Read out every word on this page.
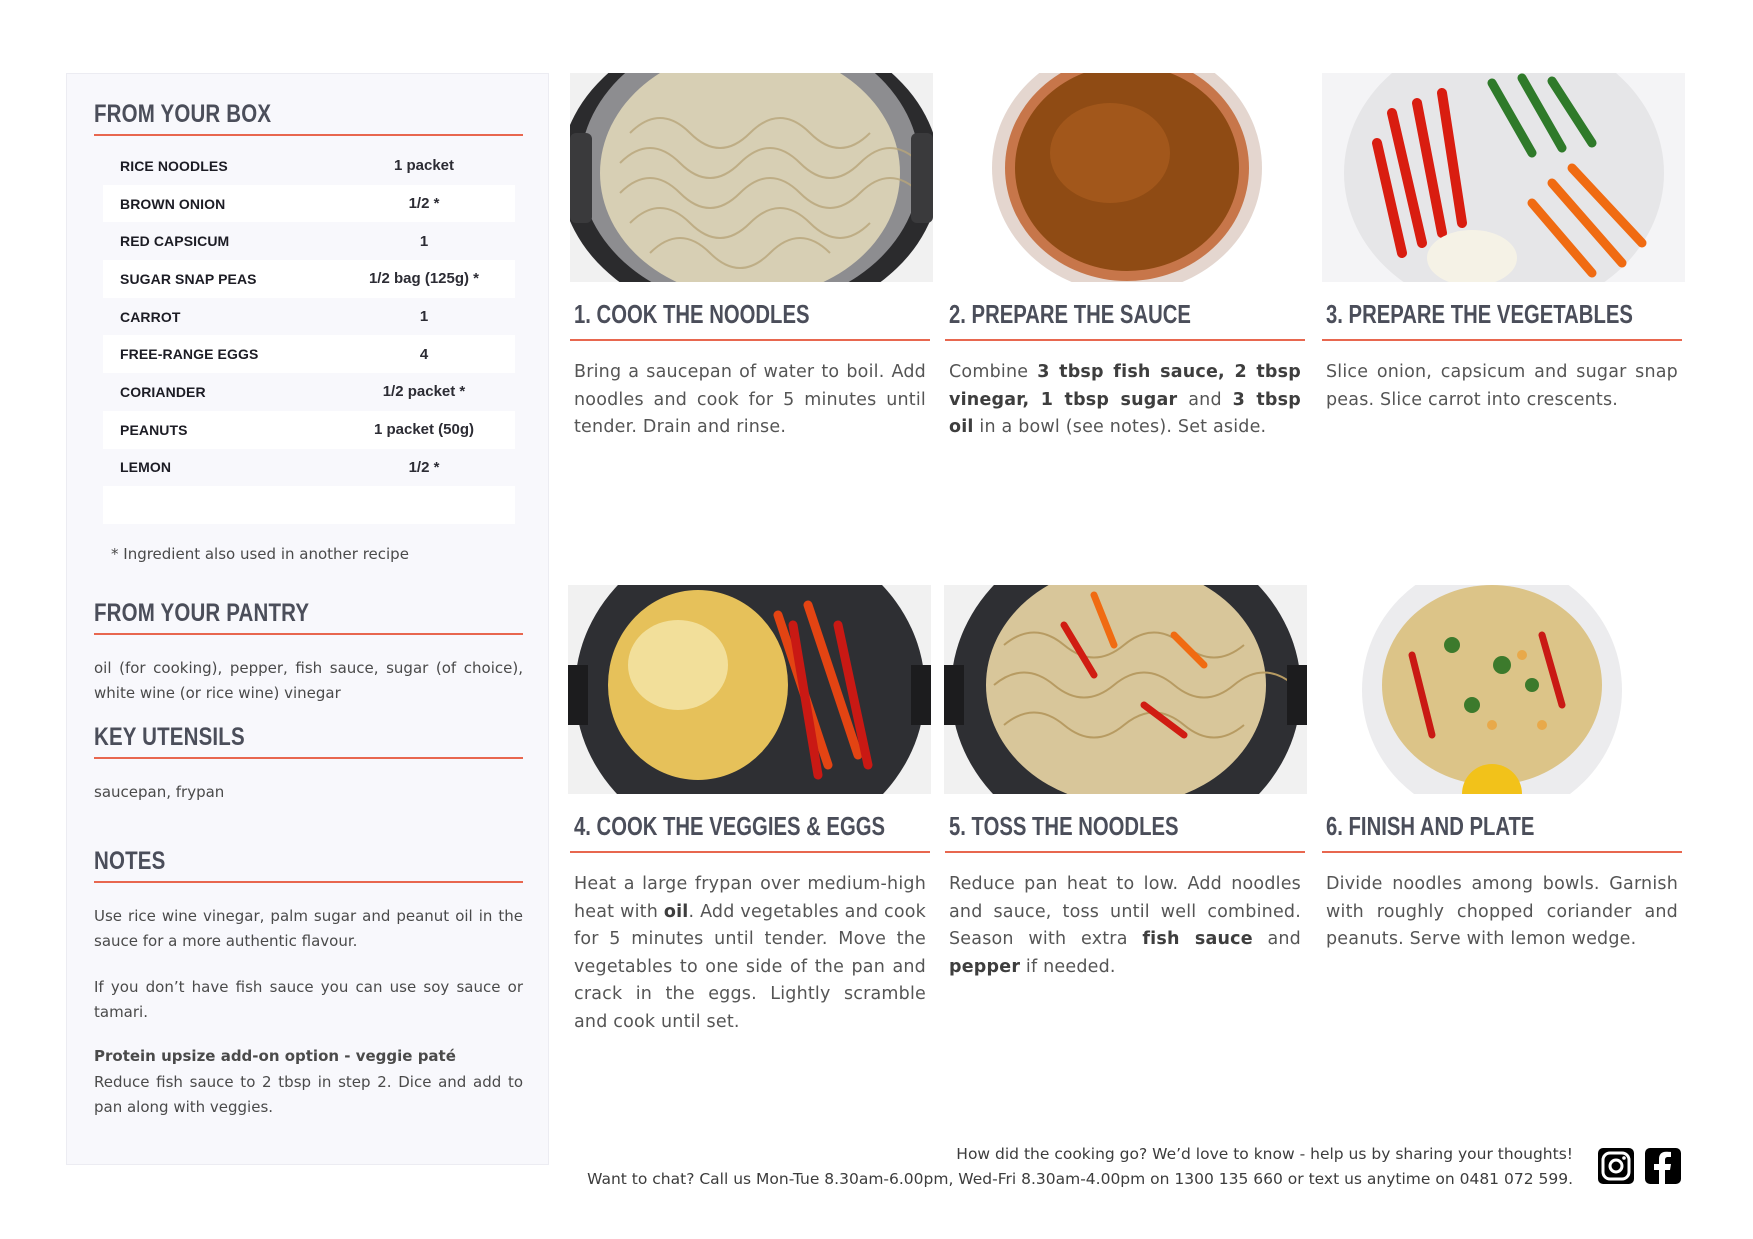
FROM YOUR BOX
RICE NOODLES	1 packet
BROWN ONION	1/2 *
RED CAPSICUM	1
SUGAR SNAP PEAS	1/2 bag (125g) *
CARROT	1
FREE-RANGE EGGS	4
CORIANDER	1/2 packet *
PEANUTS	1 packet (50g)
LEMON	1/2 *
* Ingredient also used in another recipe
FROM YOUR PANTRY
oil (for cooking), pepper, fish sauce, sugar (of choice), white wine (or rice wine) vinegar
KEY UTENSILS
saucepan, frypan
NOTES
Use rice wine vinegar, palm sugar and peanut oil in the sauce for a more authentic flavour.
If you don’t have fish sauce you can use soy sauce or tamari.
Protein upsize add-on option - veggie paté
Reduce fish sauce to 2 tbsp in step 2. Dice and add to pan along with veggies.
1. COOK THE NOODLES
Bring a saucepan of water to boil. Add noodles and cook for 5 minutes until tender. Drain and rinse.
2. PREPARE THE SAUCE
Combine 3 tbsp fish sauce, 2 tbsp vinegar, 1 tbsp sugar and 3 tbsp oil in a bowl (see notes). Set aside.
3. PREPARE THE VEGETABLES
Slice onion, capsicum and sugar snap peas. Slice carrot into crescents.
4. COOK THE VEGGIES & EGGS
Heat a large frypan over medium-high heat with oil. Add vegetables and cook for 5 minutes until tender. Move the vegetables to one side of the pan and crack in the eggs. Lightly scramble and cook until set.
5. TOSS THE NOODLES
Reduce pan heat to low. Add noodles and sauce, toss until well combined. Season with extra fish sauce and pepper if needed.
6. FINISH AND PLATE
Divide noodles among bowls. Garnish with roughly chopped coriander and peanuts. Serve with lemon wedge.
How did the cooking go? We’d love to know - help us by sharing your thoughts!
Want to chat? Call us Mon-Tue 8.30am-6.00pm, Wed-Fri 8.30am-4.00pm on 1300 135 660 or text us anytime on 0481 072 599.
